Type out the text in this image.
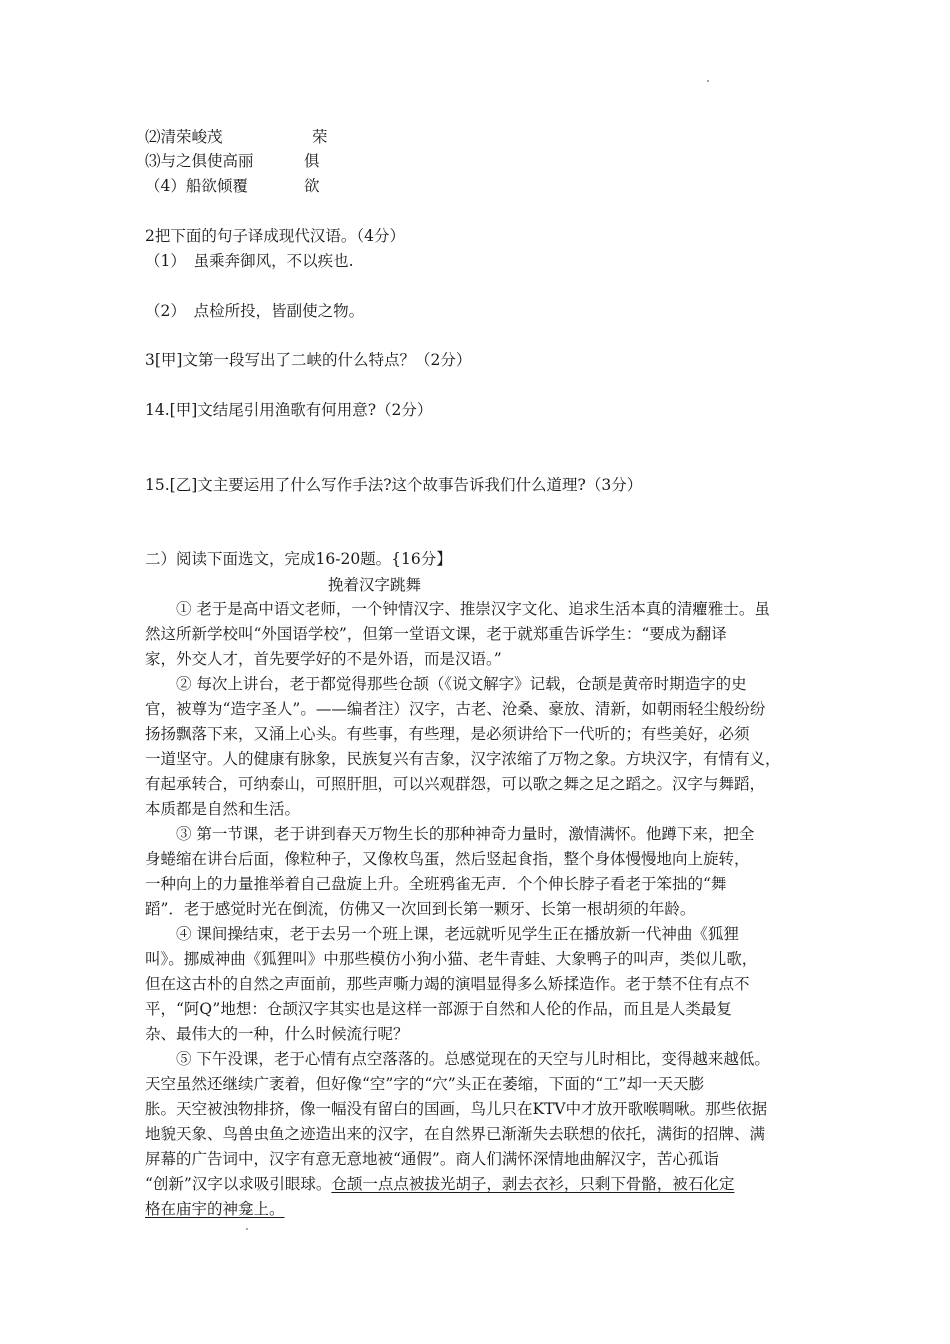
⑵清荣峻茂	荣
⑶与之俱使高丽	俱
（4）船欲倾覆	欲
2把下面的句子译成现代汉语。（4分）
（1）　虽乘奔御风，不以疾也.
（2）　点检所投，皆副使之物。
3[甲]文第一段写出了二峡的什么特点？（2分）
14.[甲]文结尾引用渔歌有何用意?（2分）
15.[乙]文主要运用了什么写作手法?这个故事告诉我们什么道理?（3分）
二）阅读下面选文，完成16-20题。{16分】
挽着汉字跳舞
　　① 老于是高中语文老师，一个钟情汉字、推崇汉字文化、追求生活本真的清癯雅士。虽
然这所新学校叫“外国语学校”，但第一堂语文课，老于就郑重告诉学生：“要成为翻译
家，外交人才，首先要学好的不是外语，而是汉语。”
　　② 每次上讲台，老于都觉得那些仓颉（《说文解字》记载，仓颉是黄帝时期造字的史
官，被尊为“造字圣人”。——编者注）汉字，古老、沧桑、豪放、清新，如朝雨轻尘般纷纷
扬扬飘落下来，又涌上心头。有些事，有些理，是必须讲给下一代听的；有些美好，必须
一道坚守。人的健康有脉象，民族复兴有吉象，汉字浓缩了万物之象。方块汉字，有情有义，
有起承转合，可纳泰山，可照肝胆，可以兴观群怨，可以歌之舞之足之蹈之。汉字与舞蹈，
本质都是自然和生活。
　　③ 第一节课，老于讲到春天万物生长的那种神奇力量时，激情满怀。他蹲下来，把全
身蜷缩在讲台后面，像粒种子，又像枚鸟蛋，然后竖起食指，整个身体慢慢地向上旋转，
一种向上的力量推举着自己盘旋上升。全班鸦雀无声．个个伸长脖子看老于笨拙的“舞
蹈”．老于感觉时光在倒流，仿佛又一次回到长第一颗牙、长第一根胡须的年龄。
　　④ 课间操结束，老于去另一个班上课，老远就听见学生正在播放新一代神曲《狐狸
叫》。挪威神曲《狐狸叫》中那些模仿小狗小猫、老牛青蛙、大象鸭子的叫声，类似儿歌，
但在这古朴的自然之声面前，那些声嘶力竭的演唱显得多么矫揉造作。老于禁不住有点不
平，“阿Q”地想：仓颉汉字其实也是这样一部源于自然和人伦的作品，而且是人类最复
杂、最伟大的一种，什么时候流行呢？
　　⑤ 下午没课，老于心情有点空落落的。总感觉现在的天空与儿时相比，变得越来越低。
天空虽然还继续广袤着，但好像“空”字的“穴”头正在萎缩，下面的“工”却一天天膨
胀。天空被浊物排挤，像一幅没有留白的国画，鸟儿只在KTV中才放开歌喉啁啾。那些依据
地貌天象、鸟兽虫鱼之迹造出来的汉字，在自然界已渐渐失去联想的依托，满街的招牌、满
屏幕的广告词中，汉字有意无意地被“通假”。商人们满怀深情地曲解汉字，苦心孤诣
“创新”汉字以求吸引眼球。仓颉一点点被拔光胡子，剥去衣衫，只剩下骨骼，被石化定
格在庙宇的神龛上。
